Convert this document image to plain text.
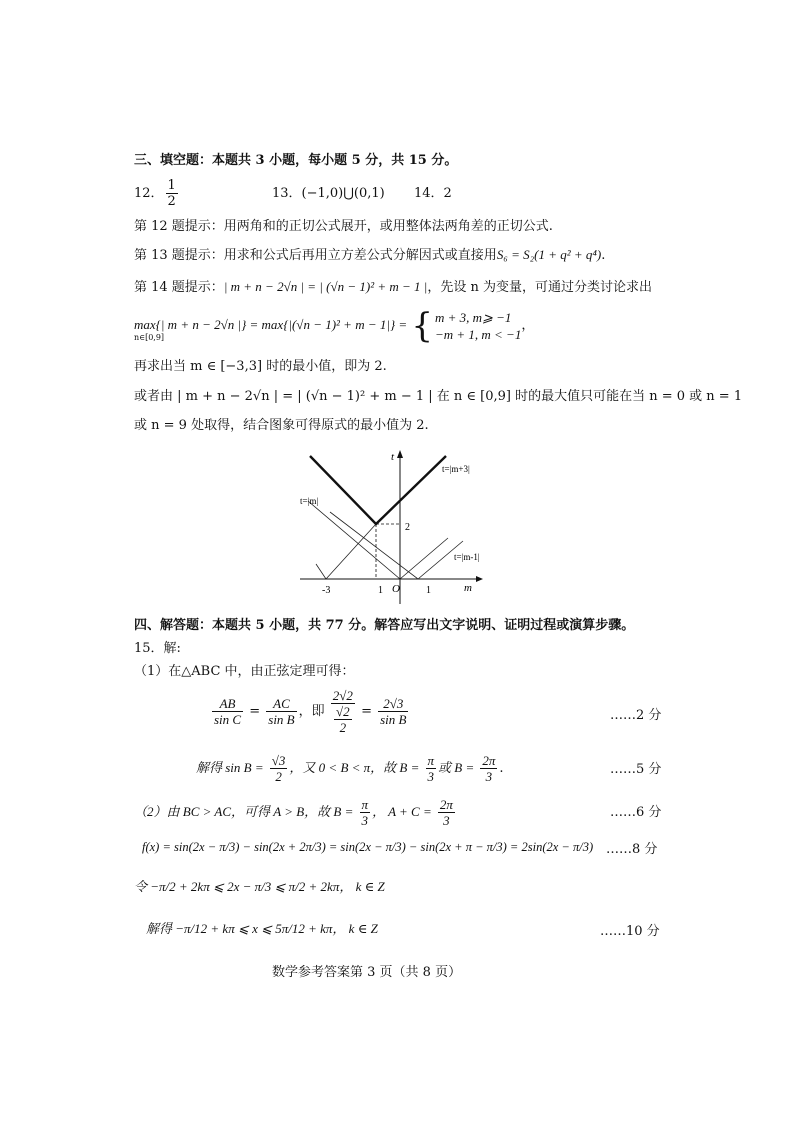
三、填空题：本题共 3 小题，每小题 5 分，共 15 分。
12． $\frac{1}{2}$	13．(−1,0)⋃(0,1) 14．2
第 12 题提示：用两角和的正切公式展开，或用整体法两角差的正切公式.
第 13 题提示：用求和公式后再用立方差公式分解因式或直接用S₆ = S₂(1 + q² + q⁴).
第 14 题提示：| m + n − 2√n | = | (√n − 1)² + m − 1 |，先设 n 为变量，可通过分类讨论求出
max{| m + n − 2√n |} = max{|(√n − 1)² + m − 1|} = { m + 3, m⩾ −1
−m + 1, m < −1
，
n∈[0,9]
再求出当 m ∈ [−3,3] 时的最小值，即为 2.
或者由 | m + n − 2√n | = | (√n − 1)² + m − 1 | 在 n ∈ [0,9] 时的最大值只可能在当 n = 0 或 n = 1
或 n = 9 处取得，结合图象可得原式的最小值为 2.
t
m
O
t=|m+3|
t=|m|
t=|m-1|
-3	1	1
2
四、解答题：本题共 5 小题，共 77 分。解答应写出文字说明、证明过程或演算步骤。
15．解:
（1）在△ABC 中，由正弦定理可得：
$\frac{AB}{\text{sin C}} = \frac{AC}{\text{sin B}}$ ，即 $\frac{2√2}{\frac{√2}{2}} = \frac{2√3}{\text{sin B}}$	……2 分
解得 $\sin B = \frac{√3}{2}$ ，又 0 < B < π，故 $B = \frac{\pi}{3}$ 或 $B = \frac{2\pi}{3}$ .	……5 分
（2）由 BC > AC，可得 A > B，故 $B = \frac{\pi}{3}$ ， $A + C = \frac{2\pi}{3}$	……6 分
f(x) = sin(2x − π/3) − sin(2x + 2π/3) = sin(2x − π/3) − sin(2x + π − π/3) = 2sin(2x − π/3) ……8 分
令 −π/2 + 2kπ ⩽ 2x − π/3 ⩽ π/2 + 2kπ， k ∈ Z
解得 −π/12 + kπ ⩽ x ⩽ 5π/12 + kπ， k ∈ Z	……10 分
数学参考答案第 3 页（共 8 页）
